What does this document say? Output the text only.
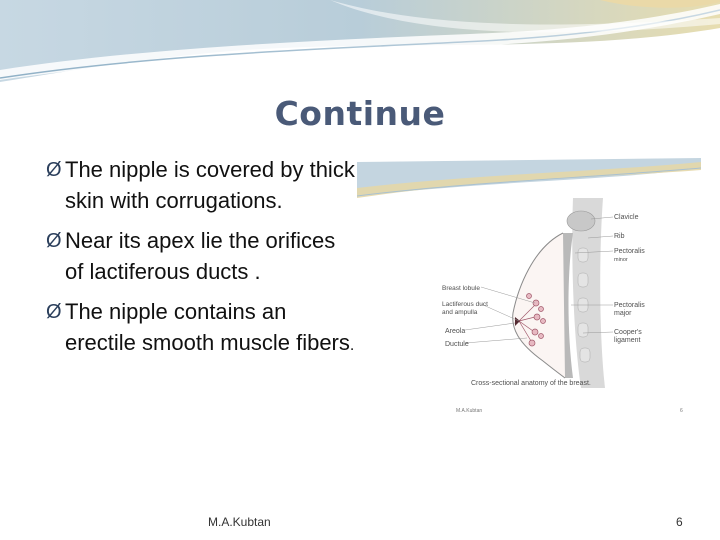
Continue
Ø The nipple is covered by thick skin with corrugations.
Ø Near its apex lie the orifices of lactiferous ducts .
Ø The nipple contains an erectile smooth muscle fibers.
Clavicle
Rib
Pectoralis
minor
Breast lobule
Lactiferous duct
and ampulla
Areola
Ductule
Pectoralis
major
Cooper's
ligament
Cross-sectional anatomy of the breast.
M.A.Kubtan	6
M.A.Kubtan	6
